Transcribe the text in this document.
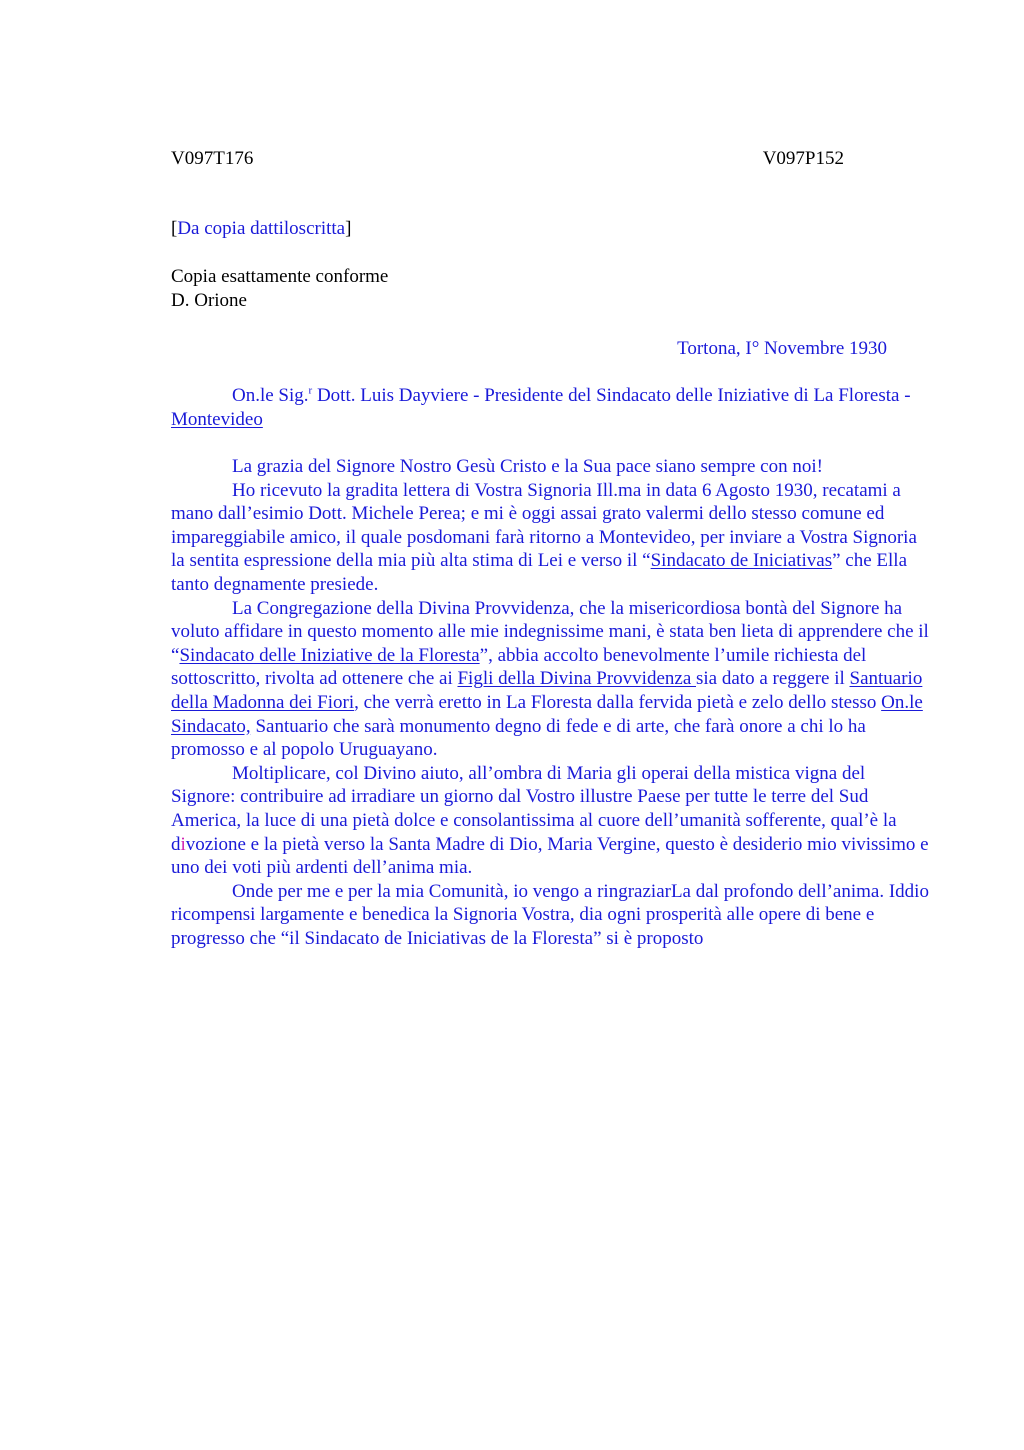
V097T176	V097P152
[Da copia dattiloscritta]
Copia esattamente conforme
D. Orione
Tortona, I° Novembre 1930

On.le Sig.$^r$ Dott. Luis Dayviere - Presidente del Sindacato delle Iniziative di La Floresta - Montevideo

La grazia del Signore Nostro Gesù Cristo e la Sua pace siano sempre con noi!

Ho ricevuto la gradita lettera di Vostra Signoria Ill.ma in data 6 Agosto 1930, recatami a mano dall’esimio Dott. Michele Perea; e mi è oggi assai grato valermi dello stesso comune ed impareggiabile amico, il quale posdomani farà ritorno a Montevideo, per inviare a Vostra Signoria la sentita espressione della mia più alta stima di Lei e verso il “Sindacato de Iniciativas” che Ella tanto degnamente presiede.

La Congregazione della Divina Provvidenza, che la misericordiosa bontà del Signore ha voluto affidare in questo momento alle mie indegnissime mani, è stata ben lieta di apprendere che il “Sindacato delle Iniziative de la Floresta”, abbia accolto benevolmente l’umile richiesta del sottoscritto, rivolta ad ottenere che ai Figli della Divina Provvidenza sia dato a reggere il Santuario della Madonna dei Fiori, che verrà eretto in La Floresta dalla fervida pietà e zelo dello stesso On.le Sindacato, Santuario che sarà monumento degno di fede e di arte, che farà onore a chi lo ha promosso e al popolo Uruguayano.

Moltiplicare, col Divino aiuto, all’ombra di Maria gli operai della mistica vigna del Signore: contribuire ad irradiare un giorno dal Vostro illustre Paese per tutte le terre del Sud America, la luce di una pietà dolce e consolantissima al cuore dell’umanità sofferente, qual’è la divozione e la pietà verso la Santa Madre di Dio, Maria Vergine, questo è desiderio mio vivissimo e uno dei voti più ardenti dell’anima mia.

Onde per me e per la mia Comunità, io vengo a ringraziarLa dal profondo dell’anima. Iddio ricompensi largamente e benedica la Signoria Vostra, dia ogni prosperità alle opere di bene e progresso che “il Sindacato de Iniciativas de la Floresta” si è proposto
